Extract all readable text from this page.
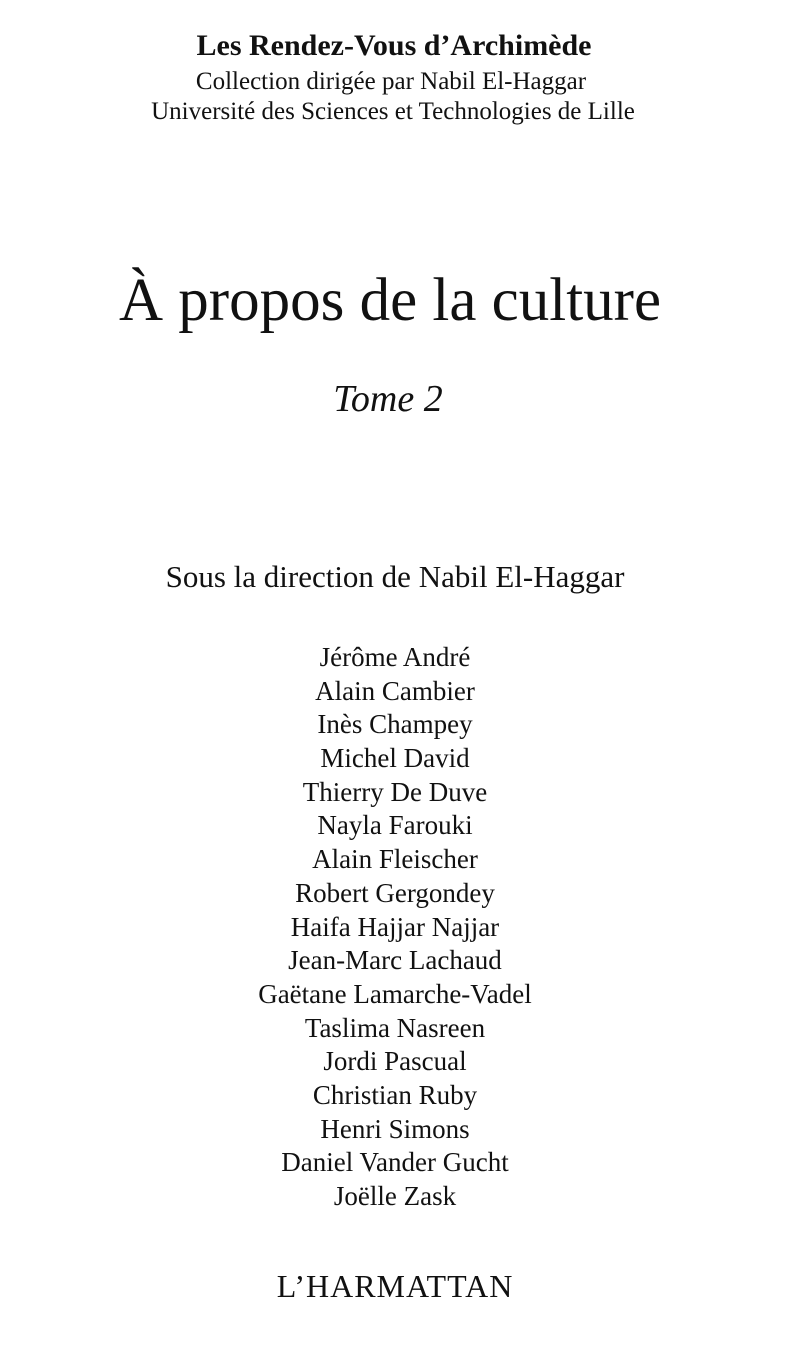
Les Rendez-Vous d’Archimède
Collection dirigée par Nabil El-Haggar
Université des Sciences et Technologies de Lille
À propos de la culture
Tome 2
Sous la direction de Nabil El-Haggar
Jérôme André
Alain Cambier
Inès Champey
Michel David
Thierry De Duve
Nayla Farouki
Alain Fleischer
Robert Gergondey
Haifa Hajjar Najjar
Jean-Marc Lachaud
Gaëtane Lamarche-Vadel
Taslima Nasreen
Jordi Pascual
Christian Ruby
Henri Simons
Daniel Vander Gucht
Joëlle Zask
L’HARMATTAN
